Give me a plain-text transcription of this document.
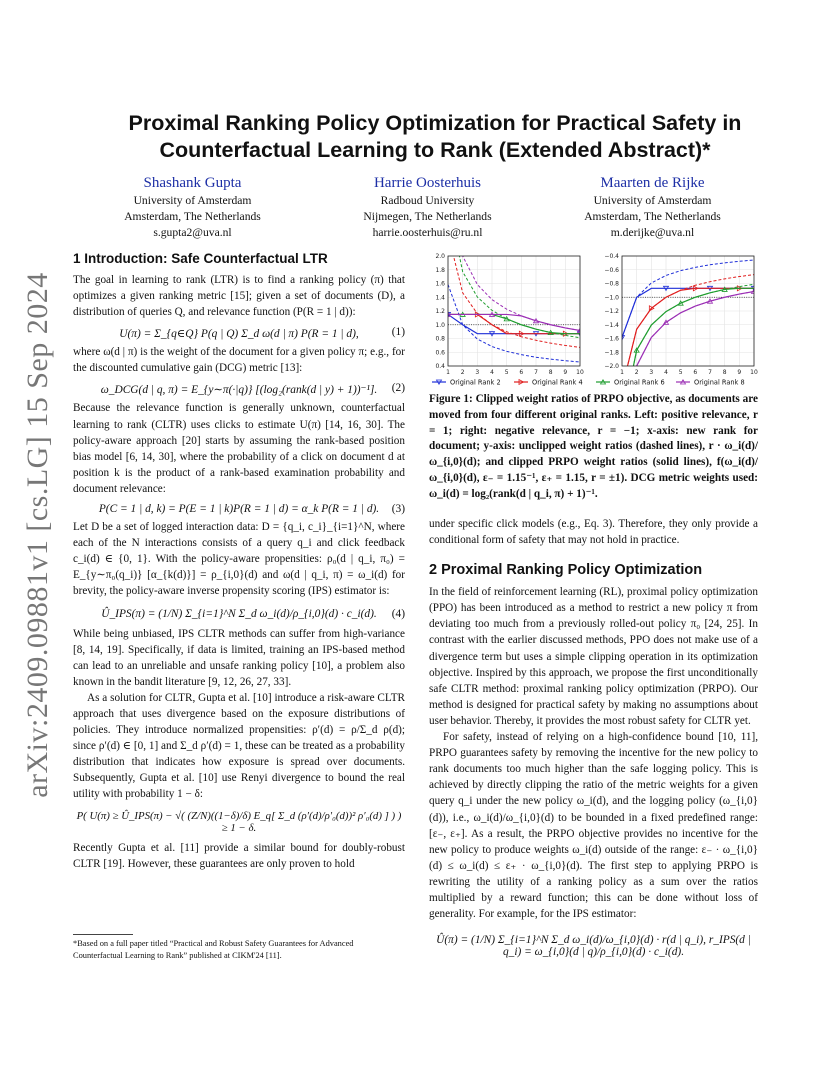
arXiv:2409.09881v1 [cs.LG] 15 Sep 2024
Proximal Ranking Policy Optimization for Practical Safety in Counterfactual Learning to Rank (Extended Abstract)*
Shashank Gupta
University of Amsterdam
Amsterdam, The Netherlands
s.gupta2@uva.nl
Harrie Oosterhuis
Radboud University
Nijmegen, The Netherlands
harrie.oosterhuis@ru.nl
Maarten de Rijke
University of Amsterdam
Amsterdam, The Netherlands
m.derijke@uva.nl
1 Introduction: Safe Counterfactual LTR
The goal in learning to rank (LTR) is to find a ranking policy (π) that optimizes a given ranking metric [15]; given a set of documents (D), a distribution of queries Q, and relevance function (P(R = 1 | d)):
U(π) = Σ_{q∈Q} P(q | Q) Σ_d ω(d | π) P(R = 1 | d),	(1)
where ω(d | π) is the weight of the document for a given policy π; e.g., for the discounted cumulative gain (DCG) metric [13]:
ω_DCG(d | q, π) = E_{y∼π(·|q)} [(log₂(rank(d | y) + 1))⁻¹]. (2)
Because the relevance function is generally unknown, counterfactual learning to rank (CLTR) uses clicks to estimate U(π) [14, 16, 30]. The policy-aware approach [20] starts by assuming the rank-based position bias model [6, 14, 30], where the probability of a click on document d at position k is the product of a rank-based examination probability and document relevance:
P(C = 1 | d, k) = P(E = 1 | k)P(R = 1 | d) = α_k P(R = 1 | d). (3)
Let D be a set of logged interaction data: D = {q_i, c_i}_{i=1}^N, where each of the N interactions consists of a query q_i and click feedback c_i(d) ∈ {0, 1}. With the policy-aware propensities: ρ₀(d | q_i, π₀) = E_{y∼π₀(q_i)} [α_{k(d)}] = ρ_{i,0}(d) and ω(d | q_i, π) = ω_i(d) for brevity, the policy-aware inverse propensity scoring (IPS) estimator is:
Û_IPS(π) = (1/N) Σ_{i=1}^N Σ_d ω_i(d)/ρ_{i,0}(d) · c_i(d). (4)
While being unbiased, IPS CLTR methods can suffer from high-variance [8, 14, 19]. Specifically, if data is limited, training an IPS-based method can lead to an unreliable and unsafe ranking policy [10], a problem also known in the bandit literature [9, 12, 26, 27, 33].
As a solution for CLTR, Gupta et al. [10] introduce a risk-aware CLTR approach that uses divergence based on the exposure distributions of policies. They introduce normalized propensities: ρ′(d) = ρ/Σ_d ρ(d); since ρ′(d) ∈ [0, 1] and Σ_d ρ′(d) = 1, these can be treated as a probability distribution that indicates how exposure is spread over documents. Subsequently, Gupta et al. [10] use Renyi divergence to bound the real utility with probability 1 − δ:
P( U(π) ≥ Û_IPS(π) − √( (Z/N)((1−δ)/δ) E_q[ Σ_d (ρ′(d)/ρ′₀(d))² ρ′₀(d) ] ) ) ≥ 1 − δ.
Recently Gupta et al. [11] provide a similar bound for doubly-robust CLTR [19]. However, these guarantees are only proven to hold
*Based on a full paper titled “Practical and Robust Safety Guarantees for Advanced Counterfactual Learning to Rank” published at CIKM'24 [11].
0.4
0.6
0.8
1.0
1.2
1.4
1.6
1.8
2.0
1 2 3 4 5 6 7 8 9 10
−2.0
−1.8
−1.6
−1.4
−1.2
−1.0
−0.8
−0.6
−0.4
1 2 3 4 5 6 7 8 9 10
Original Rank 2	Original Rank 4	Original Rank 6	Original Rank 8
Figure 1: Clipped weight ratios of PRPO objective, as documents are moved from four different original ranks. Left: positive relevance, r = 1; right: negative relevance, r = −1; x-axis: new rank for document; y-axis: unclipped weight ratios (dashed lines), r · ω_i(d)/ω_{i,0}(d); and clipped PRPO weight ratios (solid lines), f(ω_i(d)/ω_{i,0}(d), ε₋ = 1.15⁻¹, ε₊ = 1.15, r = ±1). DCG metric weights used: ω_i(d) = log₂(rank(d | q_i, π) + 1)⁻¹.
under specific click models (e.g., Eq. 3). Therefore, they only provide a conditional form of safety that may not hold in practice.
2 Proximal Ranking Policy Optimization
In the field of reinforcement learning (RL), proximal policy optimization (PPO) has been introduced as a method to restrict a new policy π from deviating too much from a previously rolled-out policy π₀ [24, 25]. In contrast with the earlier discussed methods, PPO does not make use of a divergence term but uses a simple clipping operation in its optimization objective. Inspired by this approach, we propose the first unconditionally safe CLTR method: proximal ranking policy optimization (PRPO). Our method is designed for practical safety by making no assumptions about user behavior. Thereby, it provides the most robust safety for CLTR yet.
For safety, instead of relying on a high-confidence bound [10, 11], PRPO guarantees safety by removing the incentive for the new policy to rank documents too much higher than the safe logging policy. This is achieved by directly clipping the ratio of the metric weights for a given query q_i under the new policy ω_i(d), and the logging policy (ω_{i,0}(d)), i.e., ω_i(d)/ω_{i,0}(d) to be bounded in a fixed predefined range: [ε₋, ε₊]. As a result, the PRPO objective provides no incentive for the new policy to produce weights ω_i(d) outside of the range: ε₋ · ω_{i,0}(d) ≤ ω_i(d) ≤ ε₊ · ω_{i,0}(d). The first step to applying PRPO is rewriting the utility of a ranking policy as a sum over the ratios multiplied by a reward function; this can be done without loss of generality. For example, for the IPS estimator:
Û(π) = (1/N) Σ_{i=1}^N Σ_d ω_i(d)/ω_{i,0}(d) · r(d | q_i), r_IPS(d | q_i) = ω_{i,0}(d | q)/ρ_{i,0}(d) · c_i(d).
